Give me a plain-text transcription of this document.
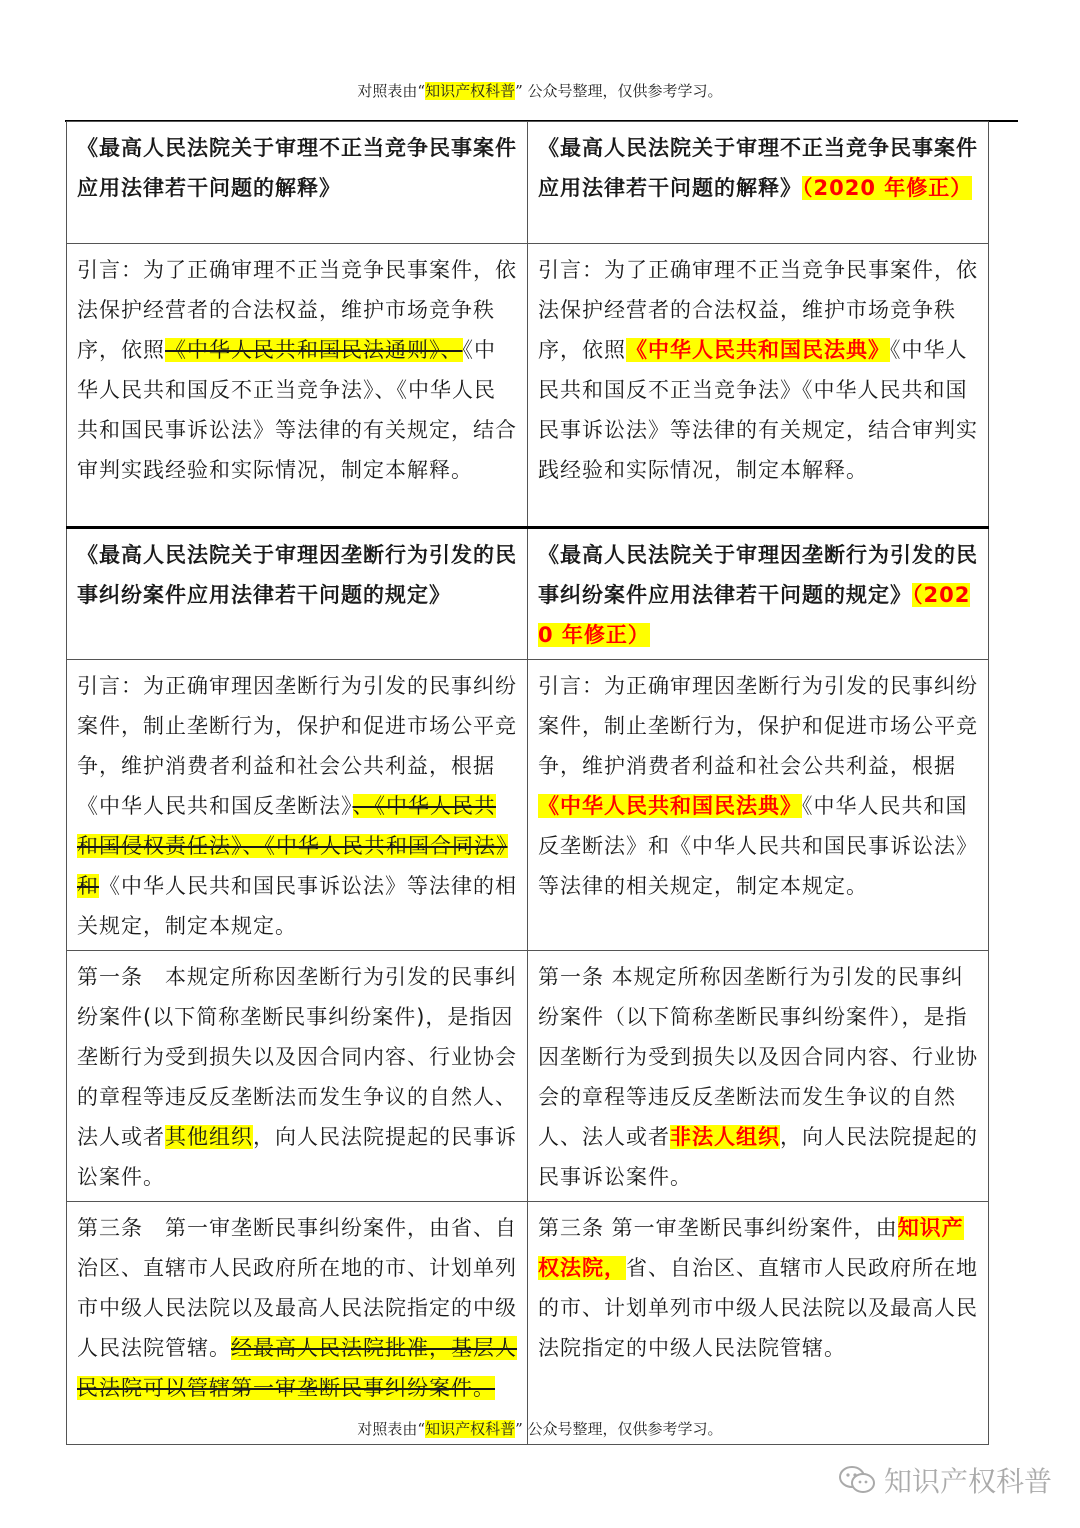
对照表由“知识产权科普” 公众号整理，仅供参考学习。
《最高人民法院关于审理不正当竞争民事案件应用法律若干问题的解释》	《最高人民法院关于审理不正当竞争民事案件应用法律若干问题的解释》（2020 年修正）
引言：为了正确审理不正当竞争民事案件，依法保护经营者的合法权益，维护市场竞争秩序，依照《中华人民共和国民法通则》、《中华人民共和国反不正当竞争法》、《中华人民共和国民事诉讼法》等法律的有关规定，结合审判实践经验和实际情况，制定本解释。	引言：为了正确审理不正当竞争民事案件，依法保护经营者的合法权益，维护市场竞争秩序，依照《中华人民共和国民法典》《中华人民共和国反不正当竞争法》《中华人民共和国民事诉讼法》等法律的有关规定，结合审判实践经验和实际情况，制定本解释。
《最高人民法院关于审理因垄断行为引发的民事纠纷案件应用法律若干问题的规定》	《最高人民法院关于审理因垄断行为引发的民事纠纷案件应用法律若干问题的规定》（2020 年修正）
引言：为正确审理因垄断行为引发的民事纠纷案件，制止垄断行为，保护和促进市场公平竞争，维护消费者利益和社会公共利益，根据《中华人民共和国反垄断法》、《中华人民共和国侵权责任法》、《中华人民共和国合同法》和《中华人民共和国民事诉讼法》等法律的相关规定，制定本规定。	引言：为正确审理因垄断行为引发的民事纠纷案件，制止垄断行为，保护和促进市场公平竞争，维护消费者利益和社会公共利益，根据《中华人民共和国民法典》《中华人民共和国反垄断法》和《中华人民共和国民事诉讼法》等法律的相关规定，制定本规定。
第一条　本规定所称因垄断行为引发的民事纠纷案件(以下简称垄断民事纠纷案件)，是指因垄断行为受到损失以及因合同内容、行业协会的章程等违反反垄断法而发生争议的自然人、法人或者其他组织，向人民法院提起的民事诉讼案件。	第一条 本规定所称因垄断行为引发的民事纠纷案件（以下简称垄断民事纠纷案件），是指因垄断行为受到损失以及因合同内容、行业协会的章程等违反反垄断法而发生争议的自然人、法人或者非法人组织，向人民法院提起的民事诉讼案件。
第三条　第一审垄断民事纠纷案件，由省、自治区、直辖市人民政府所在地的市、计划单列市中级人民法院以及最高人民法院指定的中级人民法院管辖。经最高人民法院批准，基层人民法院可以管辖第一审垄断民事纠纷案件。	第三条 第一审垄断民事纠纷案件，由知识产权法院，省、自治区、直辖市人民政府所在地的市、计划单列市中级人民法院以及最高人民法院指定的中级人民法院管辖。
对照表由“知识产权科普” 公众号整理，仅供参考学习。
知识产权科普
